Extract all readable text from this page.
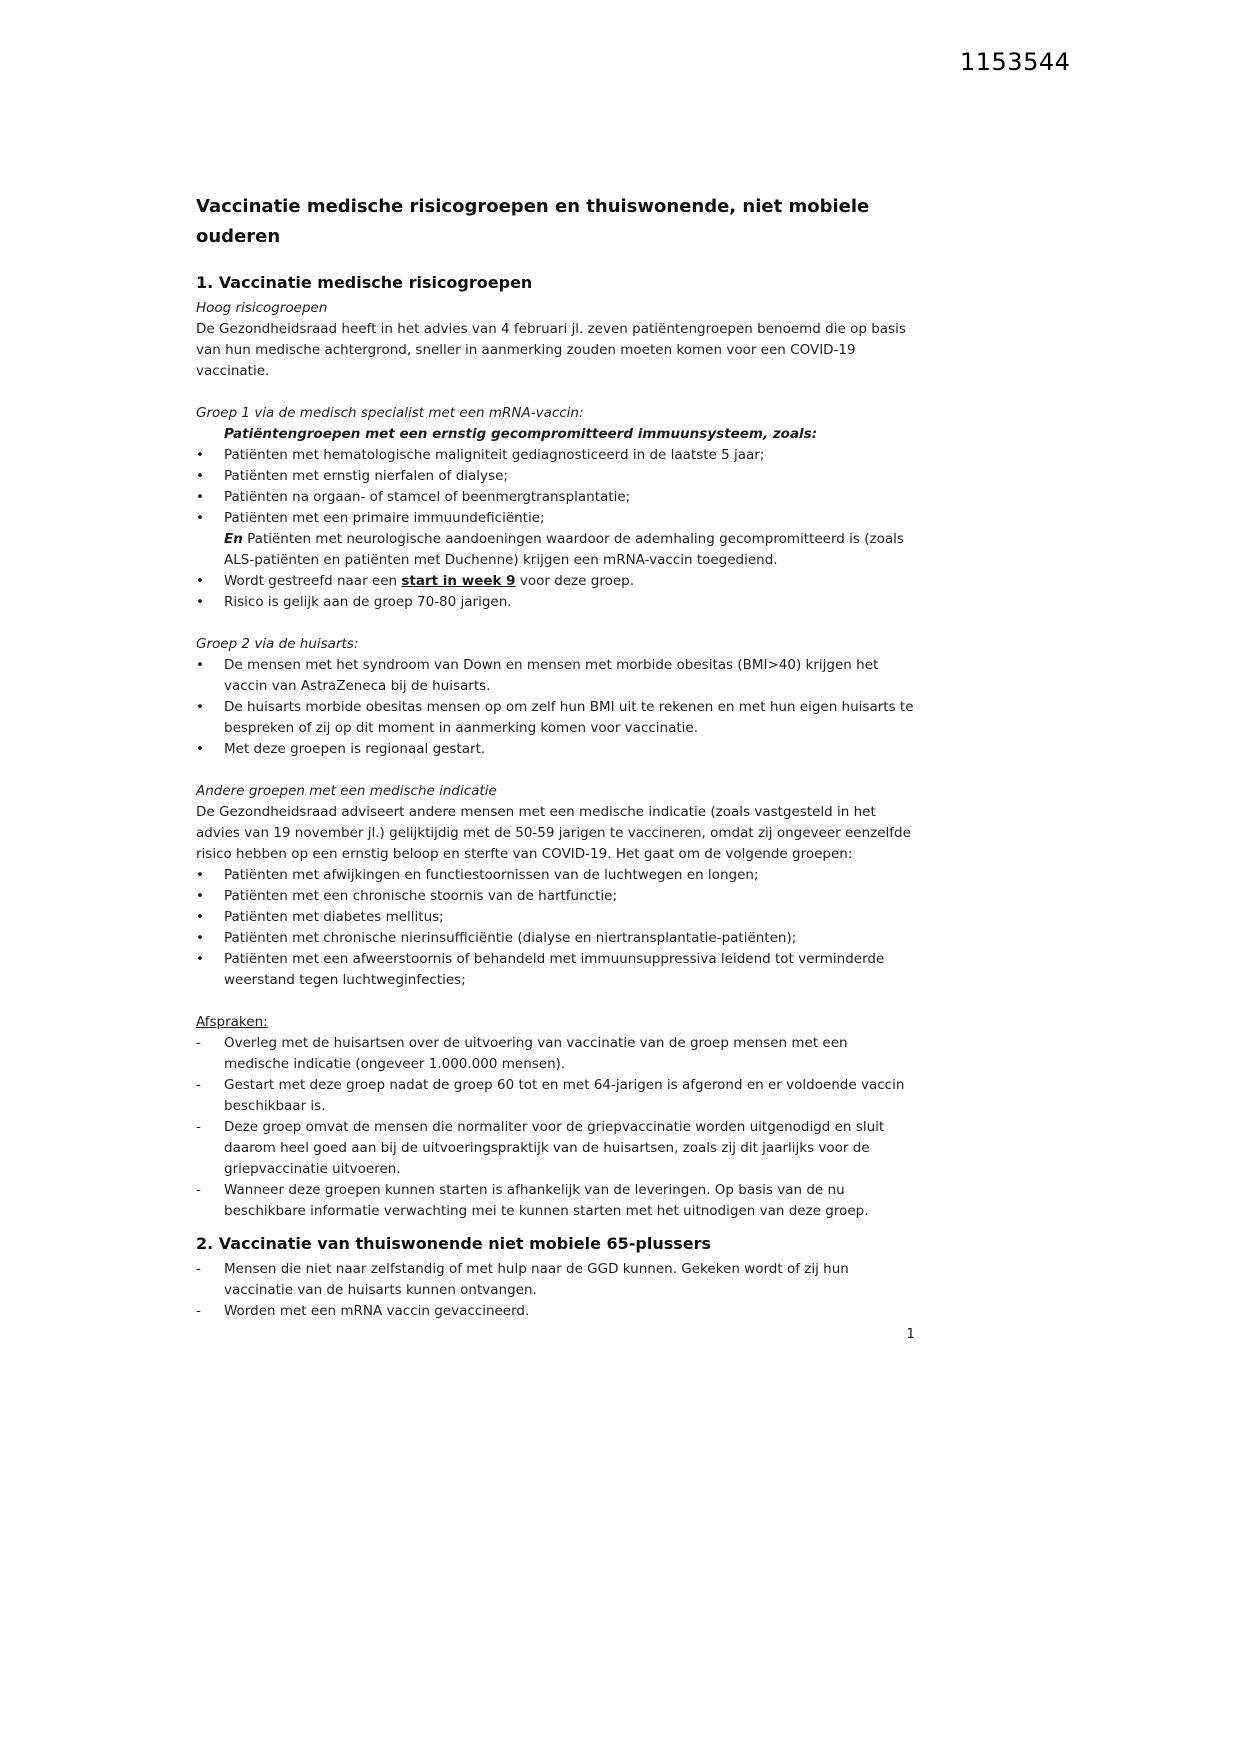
1153544
Vaccinatie medische risicogroepen en thuiswonende, niet mobiele ouderen
1. Vaccinatie medische risicogroepen

Hoog risicogroepen

De Gezondheidsraad heeft in het advies van 4 februari jl. zeven patiëntengroepen benoemd die op basis van hun medische achtergrond, sneller in aanmerking zouden moeten komen voor een COVID-19 vaccinatie.

Groep 1 via de medisch specialist met een mRNA-vaccin:

Patiëntengroepen met een ernstig gecompromitteerd immuunsysteem, zoals:

•	Patiënten met hematologische maligniteit gediagnosticeerd in de laatste 5 jaar;
•	Patiënten met ernstig nierfalen of dialyse;
•	Patiënten na orgaan- of stamcel of beenmergtransplantatie;
•	Patiënten met een primaire immuundeficiëntie;

En Patiënten met neurologische aandoeningen waardoor de ademhaling gecompromitteerd is (zoals ALS-patiënten en patiënten met Duchenne) krijgen een mRNA-vaccin toegediend.

•	Wordt gestreefd naar een start in week 9 voor deze groep.
•	Risico is gelijk aan de groep 70-80 jarigen.

Groep 2 via de huisarts:

•	De mensen met het syndroom van Down en mensen met morbide obesitas (BMI>40) krijgen het vaccin van AstraZeneca bij de huisarts.
•	De huisarts morbide obesitas mensen op om zelf hun BMI uit te rekenen en met hun eigen huisarts te bespreken of zij op dit moment in aanmerking komen voor vaccinatie.
•	Met deze groepen is regionaal gestart.

Andere groepen met een medische indicatie

De Gezondheidsraad adviseert andere mensen met een medische indicatie (zoals vastgesteld in het advies van 19 november jl.) gelijktijdig met de 50-59 jarigen te vaccineren, omdat zij ongeveer eenzelfde risico hebben op een ernstig beloop en sterfte van COVID-19. Het gaat om de volgende groepen:

•	Patiënten met afwijkingen en functiestoornissen van de luchtwegen en longen;
•	Patiënten met een chronische stoornis van de hartfunctie;
•	Patiënten met diabetes mellitus;
•	Patiënten met chronische nierinsufficiëntie (dialyse en niertransplantatie-patiënten);
•	Patiënten met een afweerstoornis of behandeld met immuunsuppressiva leidend tot verminderde weerstand tegen luchtweginfecties;

Afspraken:

-	Overleg met de huisartsen over de uitvoering van vaccinatie van de groep mensen met een medische indicatie (ongeveer 1.000.000 mensen).
-	Gestart met deze groep nadat de groep 60 tot en met 64-jarigen is afgerond en er voldoende vaccin beschikbaar is.
-	Deze groep omvat de mensen die normaliter voor de griepvaccinatie worden uitgenodigd en sluit daarom heel goed aan bij de uitvoeringspraktijk van de huisartsen, zoals zij dit jaarlijks voor de griepvaccinatie uitvoeren.
-	Wanneer deze groepen kunnen starten is afhankelijk van de leveringen. Op basis van de nu beschikbare informatie verwachting mei te kunnen starten met het uitnodigen van deze groep.
2. Vaccinatie van thuiswonende niet mobiele 65-plussers
-	Mensen die niet naar zelfstandig of met hulp naar de GGD kunnen. Gekeken wordt of zij hun vaccinatie van de huisarts kunnen ontvangen.
-	Worden met een mRNA vaccin gevaccineerd.
1
